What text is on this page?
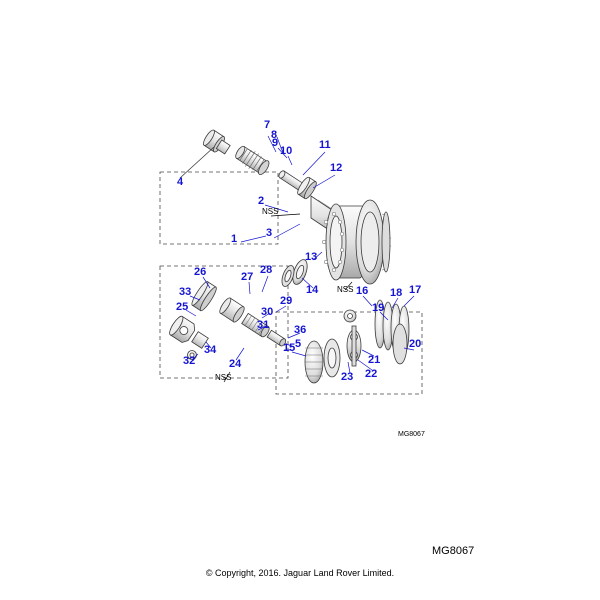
7
8
9
10 11
12
2
3
1
4
13
14	16	17
18
19
20
21
22
23
15 5
36
26	27
28
29
30
31
33
25
32
34
24
NSS
NSS
NSS
MG8067
MG8067
© Copyright, 2016. Jaguar Land Rover Limited.
